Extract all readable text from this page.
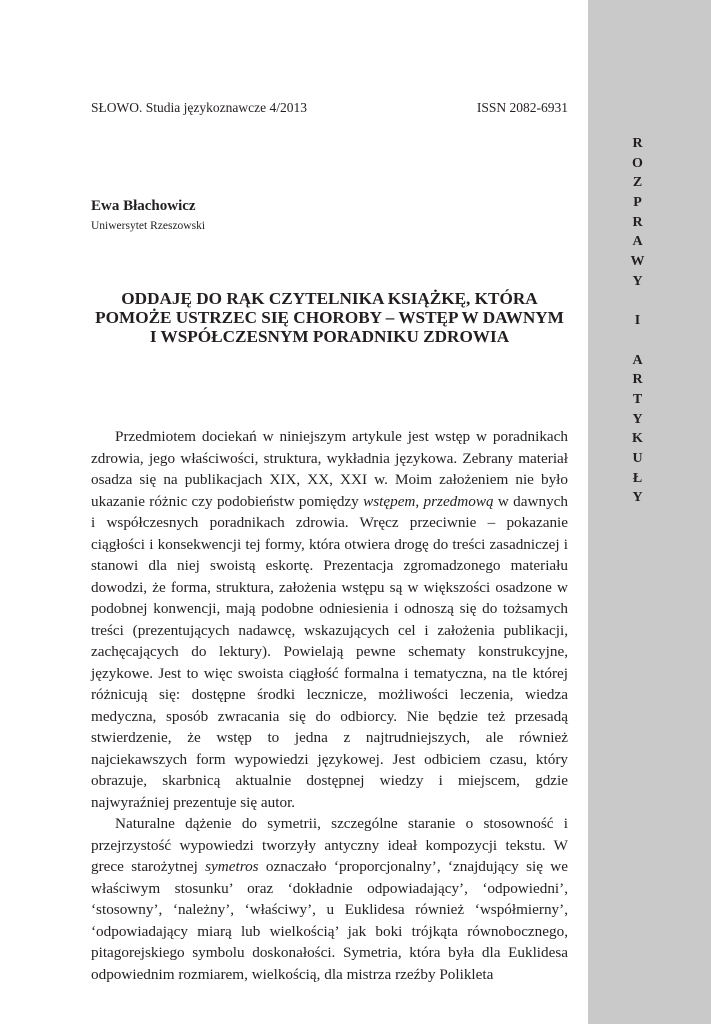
R
O
Z
P
R
A
W
Y
I
A
R
T
Y
K
U
Ł
Y
SŁOWO. Studia językoznawcze 4/2013	ISSN 2082-6931
Ewa Błachowicz
Uniwersytet Rzeszowski
ODDAJĘ DO RĄK CZYTELNIKA KSIĄŻKĘ, KTÓRA POMOŻE USTRZEC SIĘ CHOROBY – WSTĘP W DAWNYM I WSPÓŁCZESNYM PORADNIKU ZDROWIA

Przedmiotem dociekań w niniejszym artykule jest wstęp w poradnikach zdrowia, jego właściwości, struktura, wykładnia językowa. Zebrany materiał osadza się na publikacjach XIX, XX, XXI w. Moim założeniem nie było ukazanie różnic czy podobieństw pomiędzy wstępem, przedmową w dawnych i współczesnych poradnikach zdrowia. Wręcz przeciwnie – pokazanie ciągłości i konsekwencji tej formy, która otwiera drogę do treści zasadniczej i stanowi dla niej swoistą eskortę. Prezentacja zgromadzonego materiału dowodzi, że forma, struktura, założenia wstępu są w większości osadzone w podobnej konwencji, mają podobne odniesienia i odnoszą się do tożsamych treści (prezentujących nadawcę, wskazujących cel i założenia publikacji, zachęcających do lektury). Powielają pewne schematy konstrukcyjne, językowe. Jest to więc swoista ciągłość formalna i tematyczna, na tle której różnicują się: dostępne środki lecznicze, możliwości leczenia, wiedza medyczna, sposób zwracania się do odbiorcy. Nie będzie też przesadą stwierdzenie, że wstęp to jedna z najtrudniejszych, ale również najciekawszych form wypowiedzi językowej. Jest odbiciem czasu, który obrazuje, skarbnicą aktualnie dostępnej wiedzy i miejscem, gdzie najwyraźniej prezentuje się autor.

Naturalne dążenie do symetrii, szczególne staranie o stosowność i przejrzystość wypowiedzi tworzyły antyczny ideał kompozycji tekstu. W grece starożytnej symetros oznaczało ‘proporcjonalny’, ‘znajdujący się we właściwym stosunku’ oraz ‘dokładnie odpowiadający’, ‘odpowiedni’, ‘stosowny’, ‘należny’, ‘właściwy’, u Euklidesa również ‘współmierny’, ‘odpowiadający miarą lub wielkością’ jak boki trójkąta równobocznego, pitagorejskiego symbolu doskonałości. Symetria, która była dla Euklidesa odpowiednim rozmiarem, wielkością, dla mistrza rzeźby Polikleta
